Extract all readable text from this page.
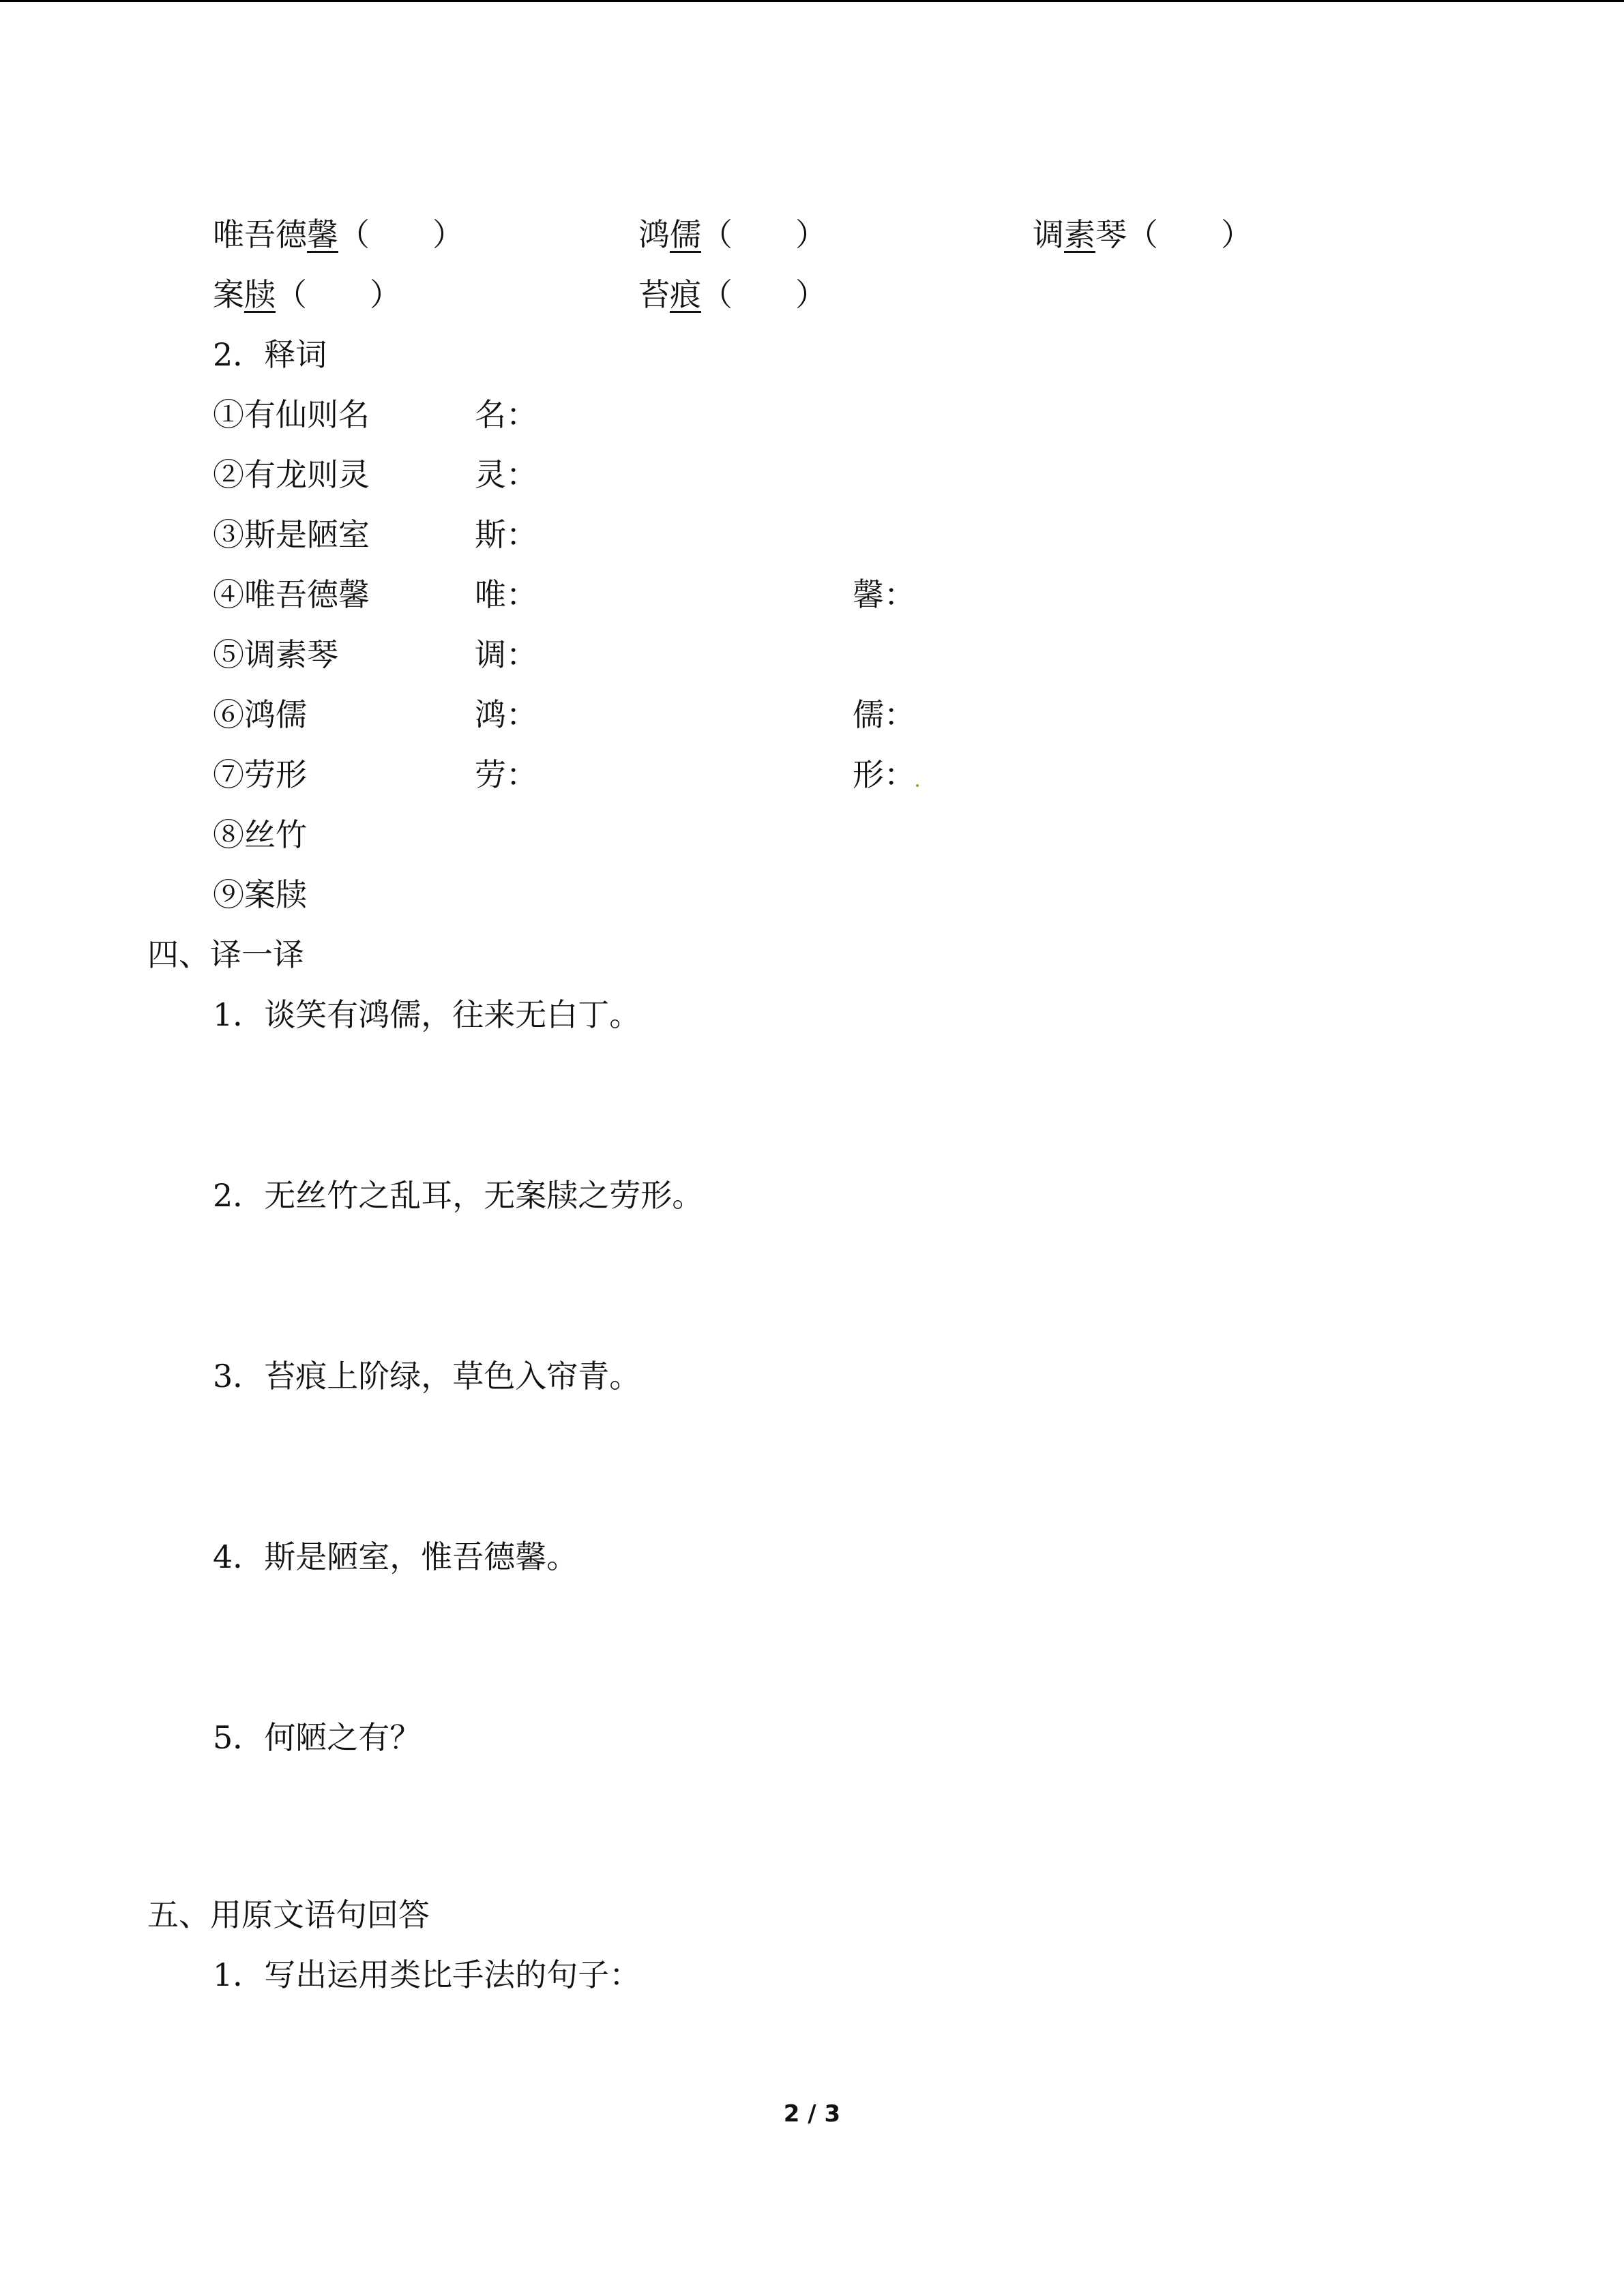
唯吾德馨（　　）	鸿儒（　　）	调素琴（　　）
案牍（　　）	苔痕（　　）
2．释词
①有仙则名	名：
②有龙则灵	灵：
③斯是陋室	斯：
④唯吾德馨	唯：	馨：
⑤调素琴	调：
⑥鸿儒	鸿：	儒：
⑦劳形	劳：	形：
⑧丝竹
⑨案牍
四、译一译
1．谈笑有鸿儒，往来无白丁。
2．无丝竹之乱耳，无案牍之劳形。
3．苔痕上阶绿，草色入帘青。
4．斯是陋室，惟吾德馨。
5．何陋之有？
五、用原文语句回答
1．写出运用类比手法的句子：
2 / 3
